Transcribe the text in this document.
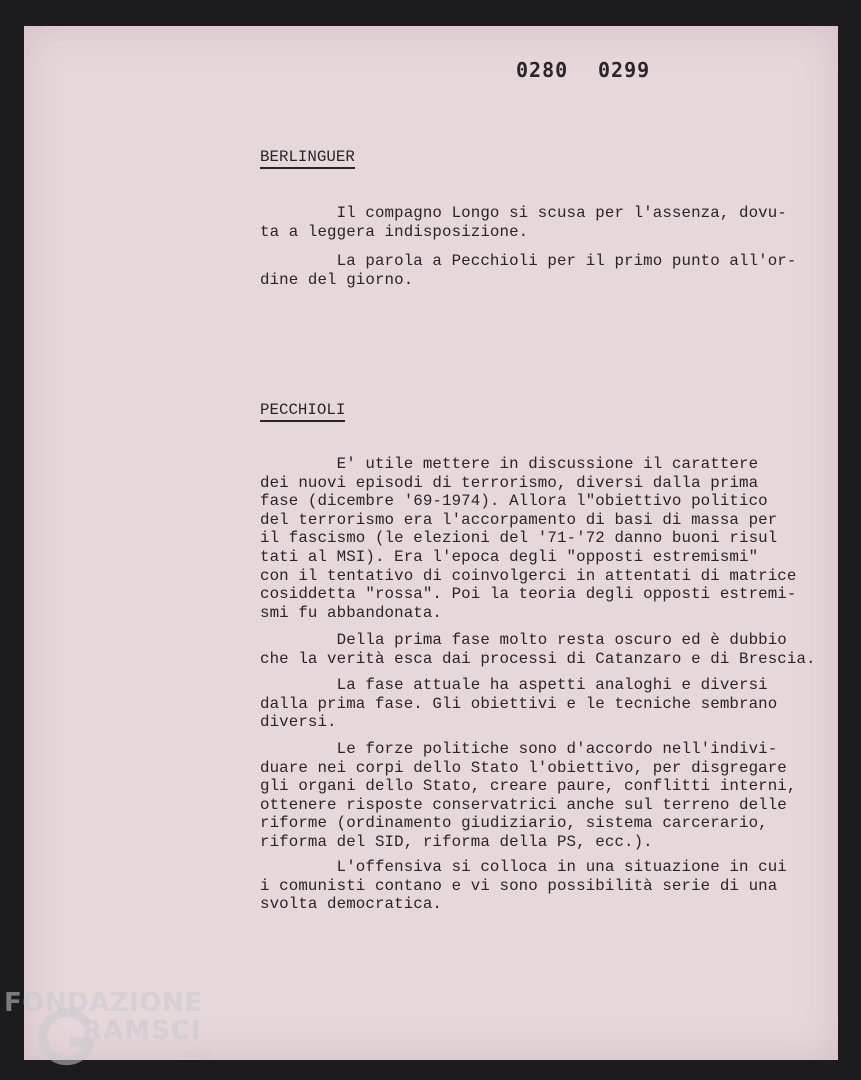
0280 0299
BERLINGUER
Il compagno Longo si scusa per l'assenza, dovu-
ta a leggera indisposizione.
La parola a Pecchioli per il primo punto all'or-
dine del giorno.
PECCHIOLI
E' utile mettere in discussione il carattere
dei nuovi episodi di terrorismo, diversi dalla prima
fase (dicembre '69-1974). Allora l"obiettivo politico
del terrorismo era l'accorpamento di basi di massa per
il fascismo (le elezioni del '71-'72 danno buoni risul
tati al MSI). Era l'epoca degli "opposti estremismi"
con il tentativo di coinvolgerci in attentati di matrice
cosiddetta "rossa". Poi la teoria degli opposti estremi-
smi fu abbandonata.
Della prima fase molto resta oscuro ed è dubbio
che la verità esca dai processi di Catanzaro e di Brescia.
La fase attuale ha aspetti analoghi e diversi
dalla prima fase. Gli obiettivi e le tecniche sembrano
diversi.
Le forze politiche sono d'accordo nell'indivi-
duare nei corpi dello Stato l'obiettivo, per disgregare
gli organi dello Stato, creare paure, conflitti interni,
ottenere risposte conservatrici anche sul terreno delle
riforme (ordinamento giudiziario, sistema carcerario,
riforma del SID, riforma della PS, ecc.).
L'offensiva si colloca in una situazione in cui
i comunisti contano e vi sono possibilità serie di una
svolta democratica.
FONDAZIONE
RAMSCI
onlus
